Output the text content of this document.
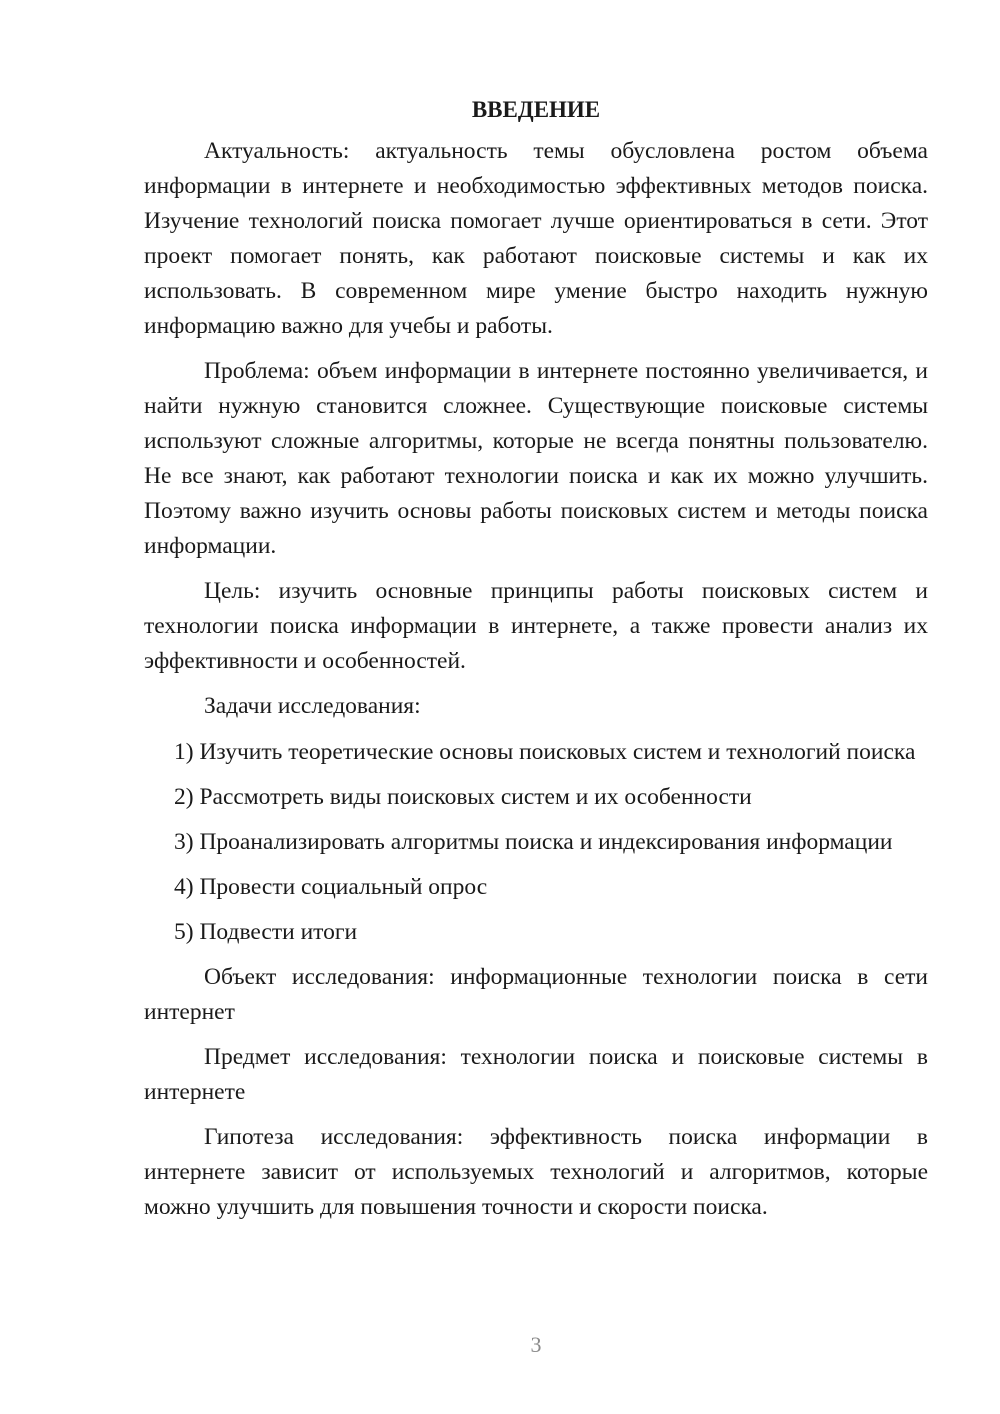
ВВЕДЕНИЕ

Актуальность: актуальность темы обусловлена ростом объема информации в интернете и необходимостью эффективных методов поиска. Изучение технологий поиска помогает лучше ориентироваться в сети. Этот проект помогает понять, как работают поисковые системы и как их использовать. В современном мире умение быстро находить нужную информацию важно для учебы и работы.

Проблема: объем информации в интернете постоянно увеличивается, и найти нужную становится сложнее. Существующие поисковые системы используют сложные алгоритмы, которые не всегда понятны пользователю. Не все знают, как работают технологии поиска и как их можно улучшить. Поэтому важно изучить основы работы поисковых систем и методы поиска информации.

Цель: изучить основные принципы работы поисковых систем и технологии поиска информации в интернете, а также провести анализ их эффективности и особенностей.

Задачи исследования:

1) Изучить теоретические основы поисковых систем и технологий поиска

2) Рассмотреть виды поисковых систем и их особенности

3) Проанализировать алгоритмы поиска и индексирования информации

4) Провести социальный опрос

5) Подвести итоги

Объект исследования: информационные технологии поиска в сети интернет

Предмет исследования: технологии поиска и поисковые системы в интернете

Гипотеза исследования: эффективность поиска информации в интернете зависит от используемых технологий и алгоритмов, которые можно улучшить для повышения точности и скорости поиска.

3
